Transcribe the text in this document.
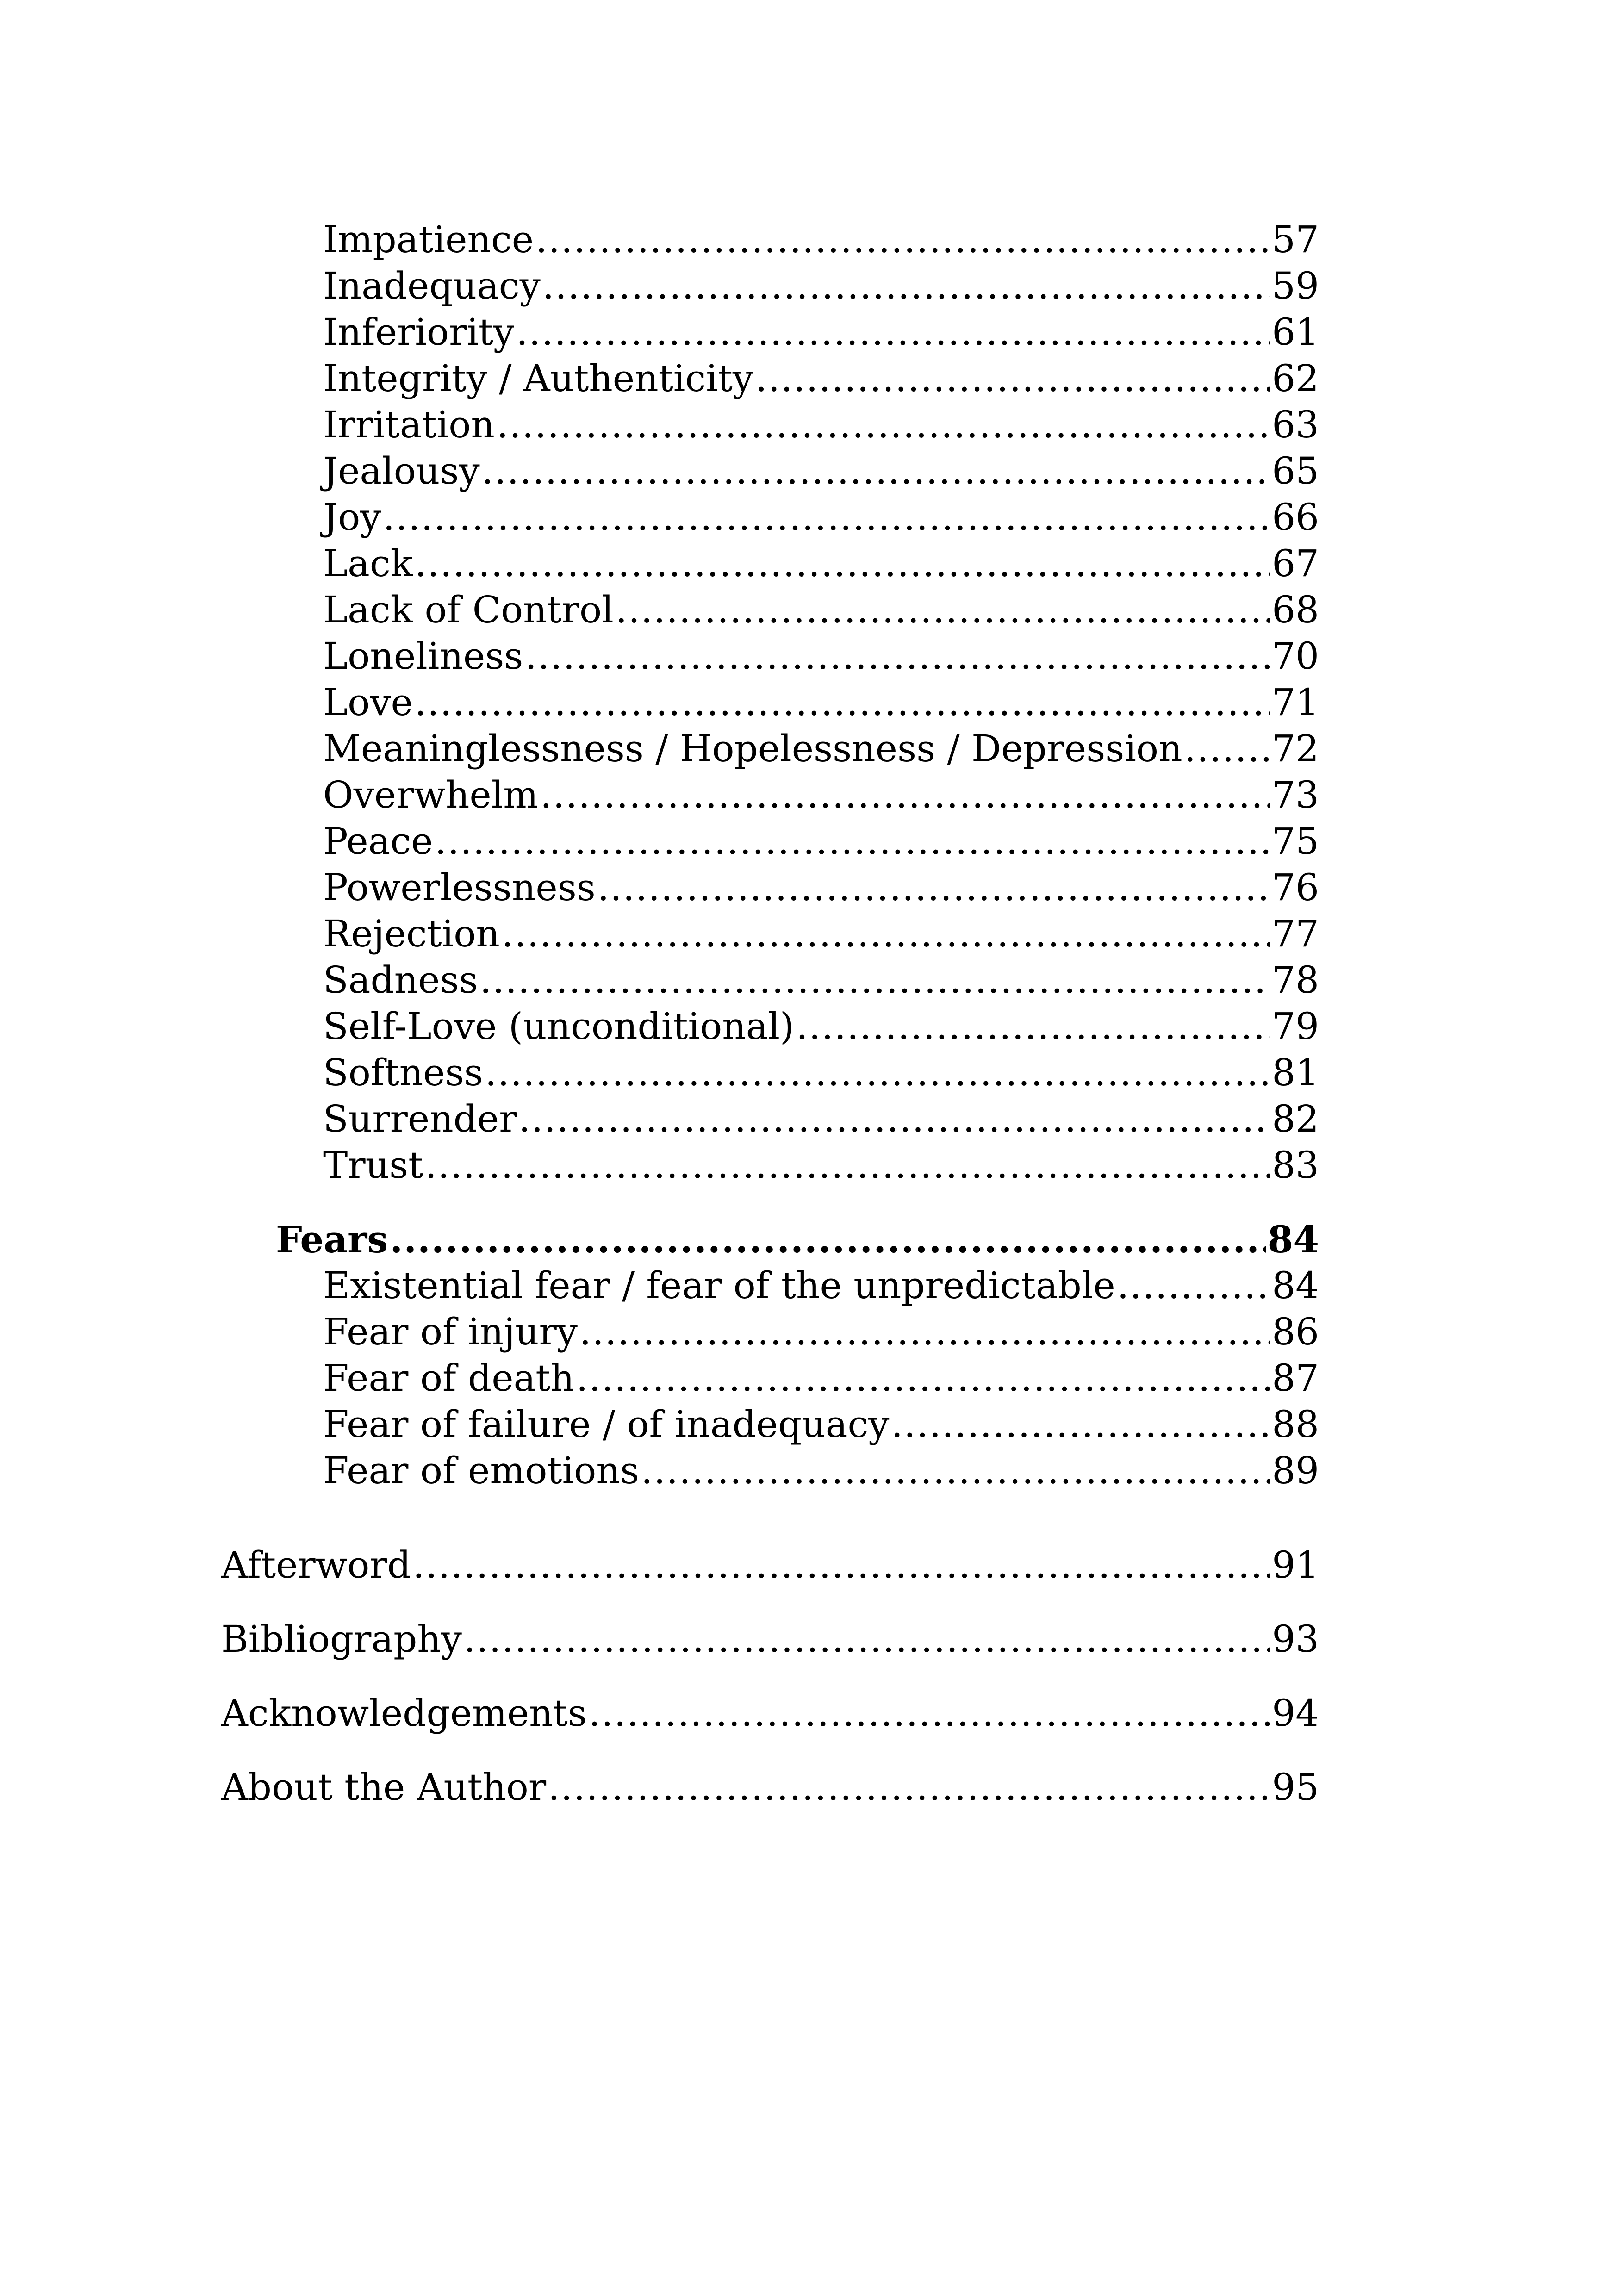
Impatience .....	57
Inadequacy .....	59
Inferiority .....	61
Integrity / Authenticity .....	62
Irritation .....	63
Jealousy .....	65
Joy .....	66
Lack .....	67
Lack of Control .....	68
Loneliness .....	70
Love .....	71
Meaninglessness / Hopelessness / Depression ..... 72
Overwhelm .....	73
Peace .....	75
Powerlessness .....	76
Rejection .....	77
Sadness .....	78
Self-Love (unconditional) .....	79
Softness .....	81
Surrender .....	82
Trust .....	83
Fears .....	84
Existential fear / fear of the unpredictable .....	84
Fear of injury .....	86
Fear of death .....	87
Fear of failure / of inadequacy .....	88
Fear of emotions .....	89
Afterword .....	91
Bibliography .....	93
Acknowledgements .....	94
About the Author .....	95
